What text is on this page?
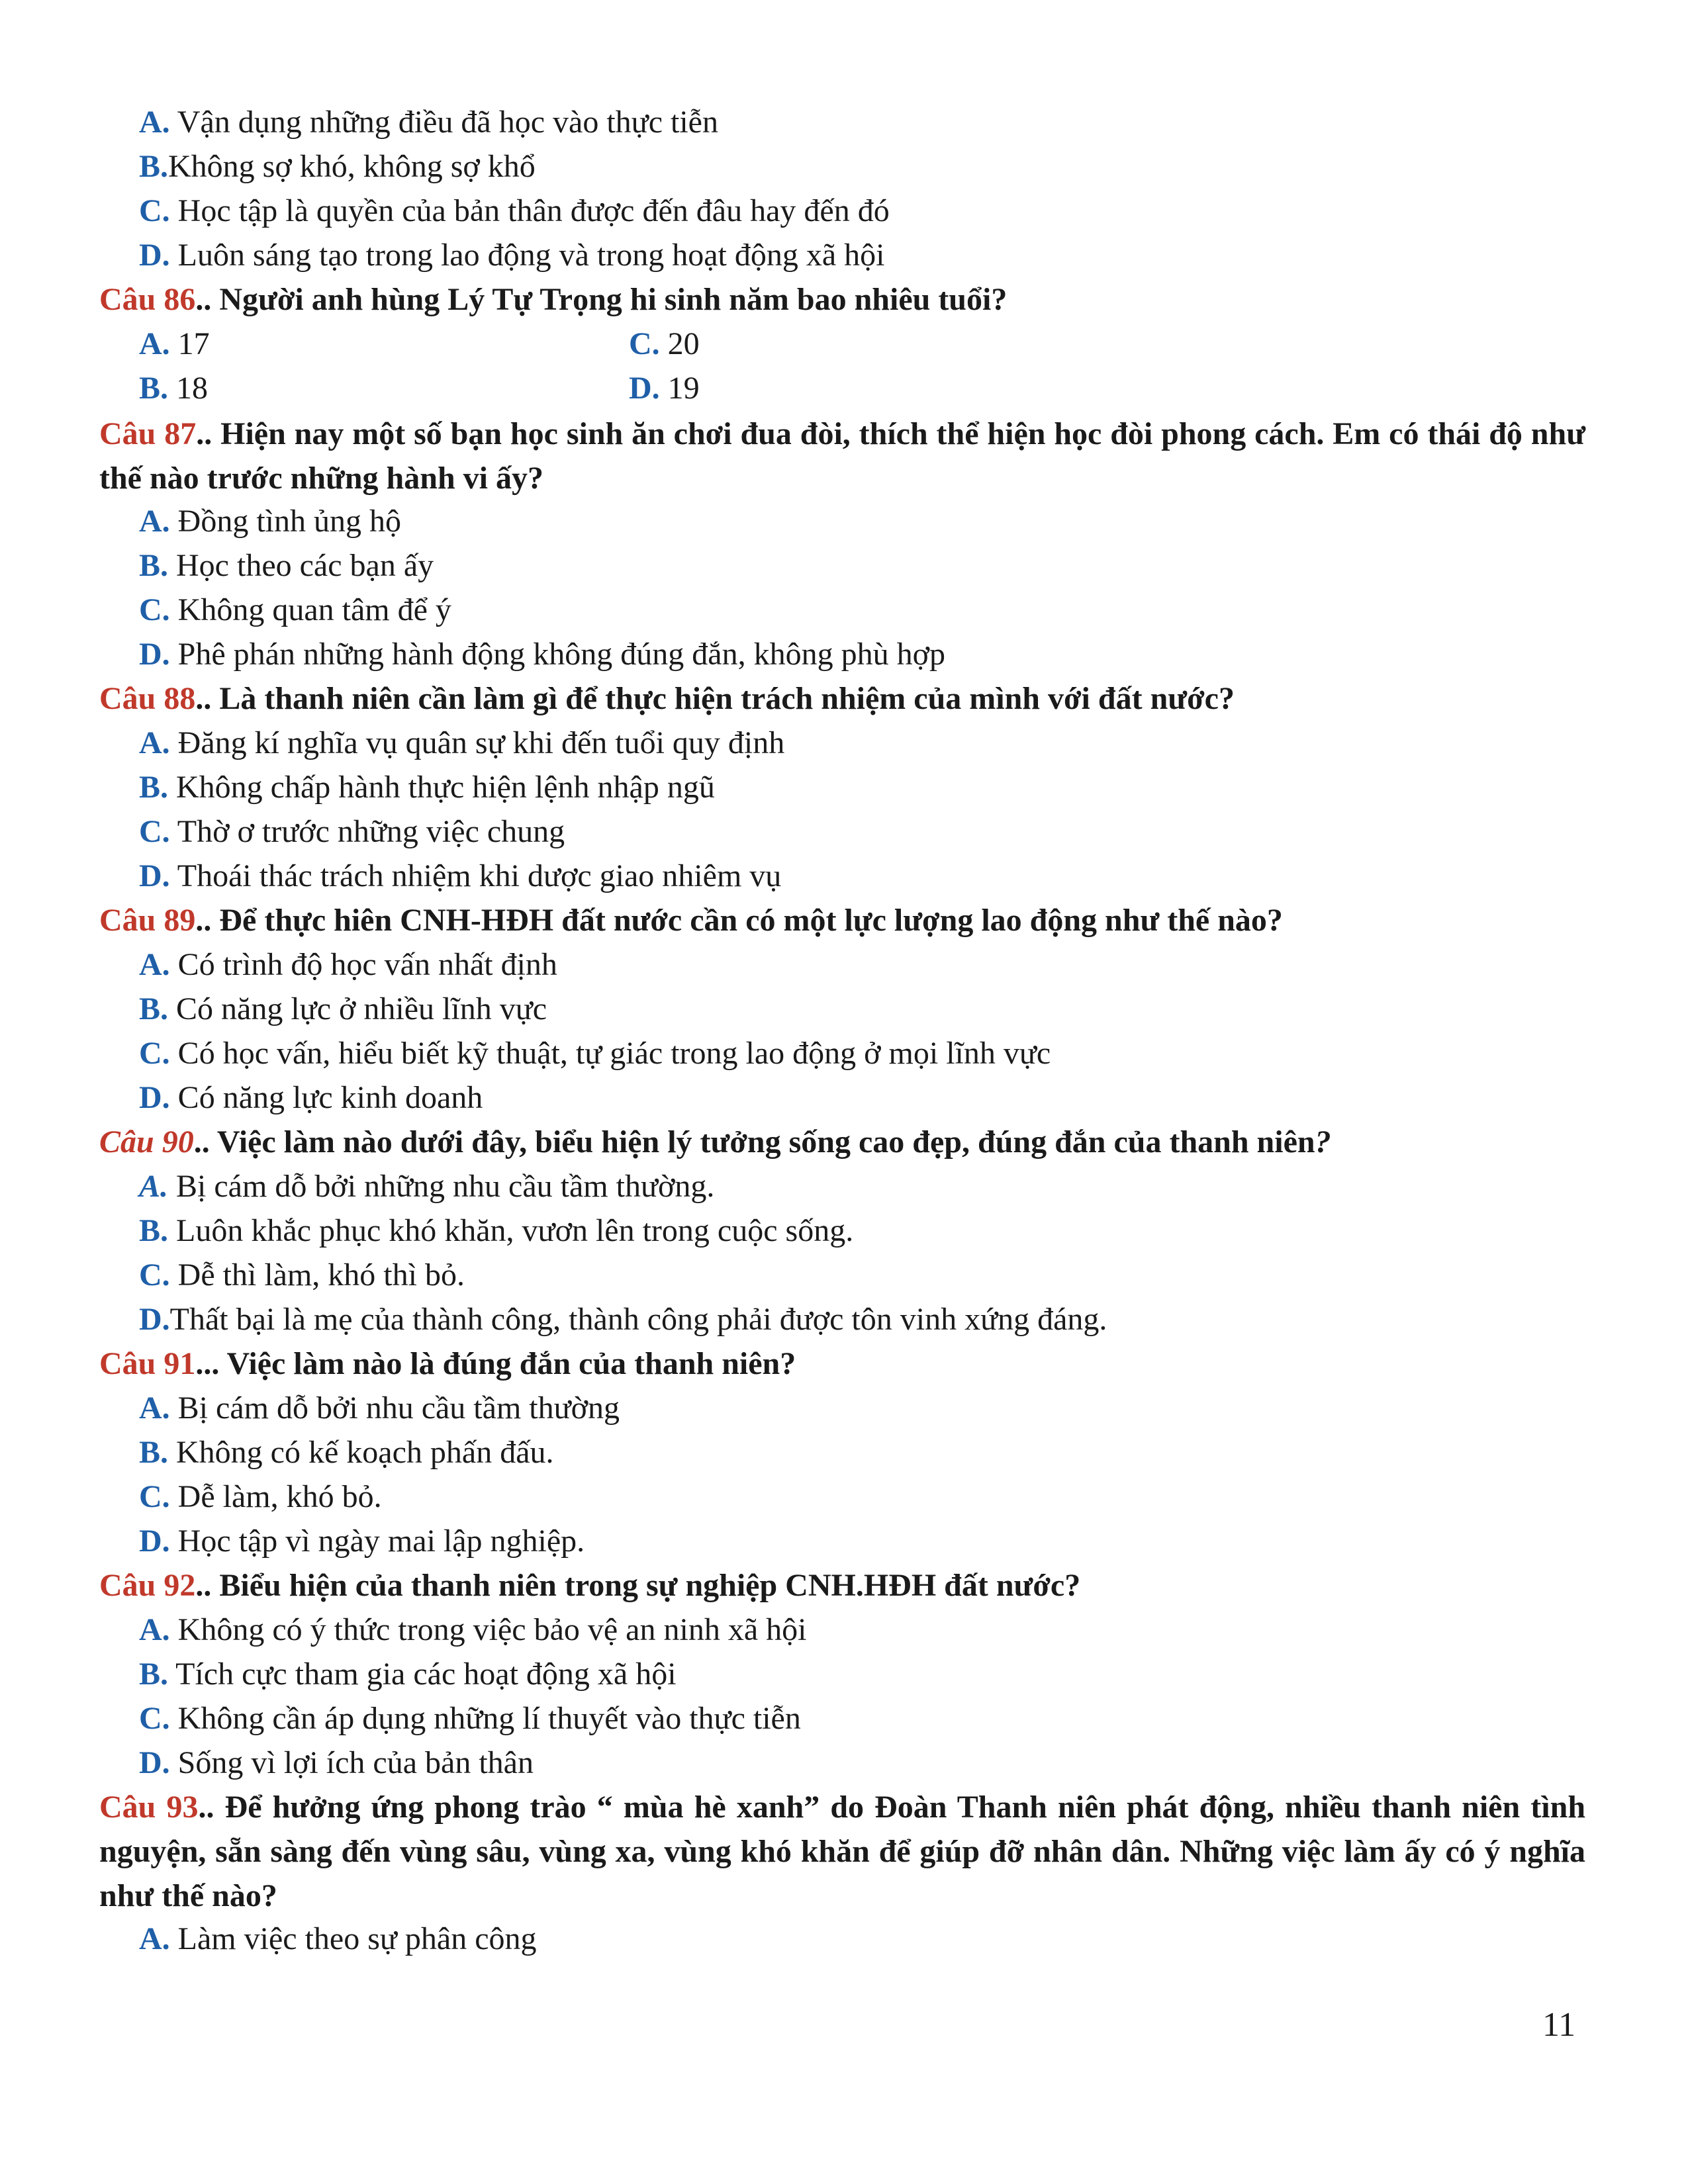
A. Vận dụng những điều đã học vào thực tiễn
B.Không sợ khó, không sợ khổ
C. Học tập là quyền của bản thân được đến đâu hay đến đó
D. Luôn sáng tạo trong lao động và trong hoạt động xã hội
Câu 86.. Người anh hùng Lý Tự Trọng hi sinh năm bao nhiêu tuổi?
A. 17	C. 20
B. 18	D. 19
Câu 87.. Hiện nay một số bạn học sinh ăn chơi đua đòi, thích thể hiện học đòi phong cách. Em có thái độ như thế nào trước những hành vi ấy?
A. Đồng tình ủng hộ
B. Học theo các bạn ấy
C. Không quan tâm để ý
D. Phê phán những hành động không đúng đắn, không phù hợp
Câu 88.. Là thanh niên cần làm gì để thực hiện trách nhiệm của mình với đất nước?
A. Đăng kí nghĩa vụ quân sự khi đến tuổi quy định
B. Không chấp hành thực hiện lệnh nhập ngũ
C. Thờ ơ trước những việc chung
D. Thoái thác trách nhiệm khi dược giao nhiêm vụ
Câu 89.. Để thực hiên CNH-HĐH đất nước cần có một lực lượng lao động như thế nào?
A. Có trình độ học vấn nhất định
B. Có năng lực ở nhiều lĩnh vực
C. Có học vấn, hiểu biết kỹ thuật, tự giác trong lao động ở mọi lĩnh vực
D. Có năng lực kinh doanh
Câu 90.. Việc làm nào dưới đây, biểu hiện lý tưởng sống cao đẹp, đúng đắn của thanh niên?
A. Bị cám dỗ bởi những nhu cầu tầm thường.
B. Luôn khắc phục khó khăn, vươn lên trong cuộc sống.
C. Dễ thì làm, khó thì bỏ.
D.Thất bại là mẹ của thành công, thành công phải được tôn vinh xứng đáng.
Câu 91... Việc làm nào là đúng đắn của thanh niên?
A. Bị cám dỗ bởi nhu cầu tầm thường
B. Không có kế koạch phấn đấu.
C. Dễ làm, khó bỏ.
D. Học tập vì ngày mai lập nghiệp.
Câu 92.. Biểu hiện của thanh niên trong sự nghiệp CNH.HĐH đất nước?
A. Không có ý thức trong việc bảo vệ an ninh xã hội
B. Tích cực tham gia các hoạt động xã hội
C. Không cần áp dụng những lí thuyết vào thực tiễn
D. Sống vì lợi ích của bản thân
Câu 93.. Để hưởng ứng phong trào “ mùa hè xanh” do Đoàn Thanh niên phát động, nhiều thanh niên tình nguyện, sẵn sàng đến vùng sâu, vùng xa, vùng khó khăn để giúp đỡ nhân dân. Những việc làm ấy có ý nghĩa như thế nào?
A. Làm việc theo sự phân công
11
